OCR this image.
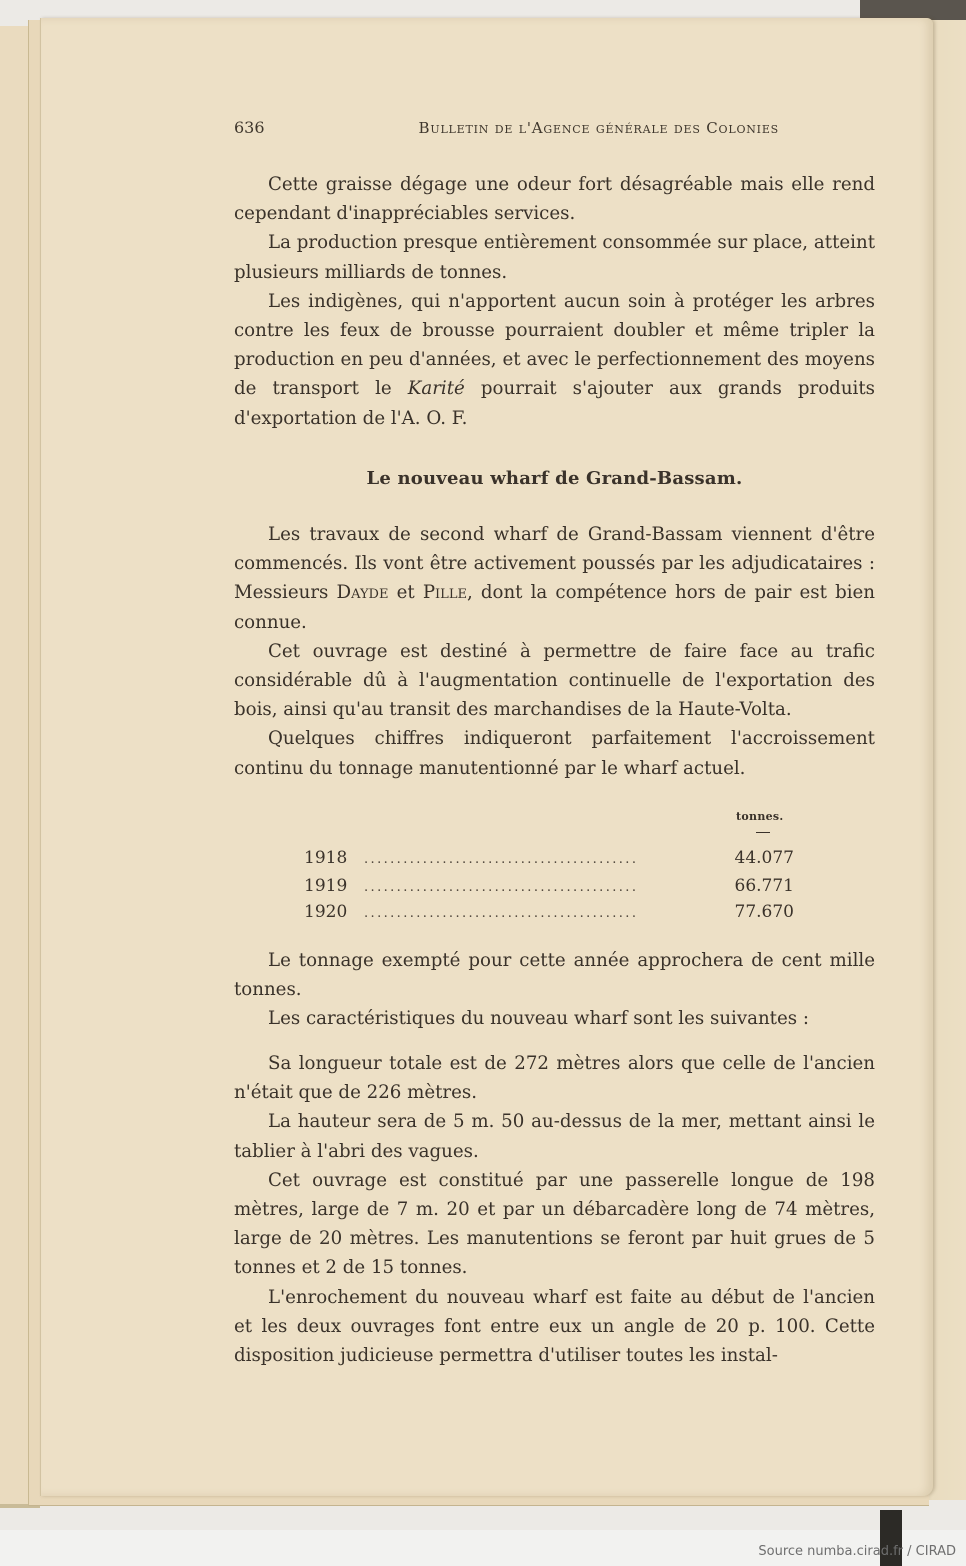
636	Bulletin de l'Agence générale des Colonies

Cette graisse dégage une odeur fort désagréable mais elle rend cependant d'inappréciables services.

La production presque entièrement consommée sur place, atteint plusieurs milliards de tonnes.

Les indigènes, qui n'apportent aucun soin à protéger les arbres contre les feux de brousse pourraient doubler et même tripler la production en peu d'années, et avec le perfectionnement des moyens de transport le Karité pourrait s'ajouter aux grands produits d'exportation de l'A. O. F.

Le nouveau wharf de Grand-Bassam.

Les travaux de second wharf de Grand-Bassam viennent d'être commencés. Ils vont être activement poussés par les adjudicataires : Messieurs Dayde et Pille, dont la compétence hors de pair est bien connue.

Cet ouvrage est destiné à permettre de faire face au trafic considérable dû à l'augmentation continuelle de l'exportation des bois, ainsi qu'au transit des marchandises de la Haute-Volta.

Quelques chiffres indiqueront parfaitement l'accroissement continu du tonnage manutentionné par le wharf actuel.

tonnes.
1918	..........................................	44.077
1919	..........................................	66.771
1920	..........................................	77.670

Le tonnage exempté pour cette année approchera de cent mille tonnes.

Les caractéristiques du nouveau wharf sont les suivantes :

Sa longueur totale est de 272 mètres alors que celle de l'ancien n'était que de 226 mètres.

La hauteur sera de 5 m. 50 au-dessus de la mer, mettant ainsi le tablier à l'abri des vagues.

Cet ouvrage est constitué par une passerelle longue de 198 mètres, large de 7 m. 20 et par un débarcadère long de 74 mètres, large de 20 mètres. Les manutentions se feront par huit grues de 5 tonnes et 2 de 15 tonnes.

L'enrochement du nouveau wharf est faite au début de l'ancien et les deux ouvrages font entre eux un angle de 20 p. 100. Cette disposition judicieuse permettra d'utiliser toutes les instal-

Source numba.cirad.fr / CIRAD
